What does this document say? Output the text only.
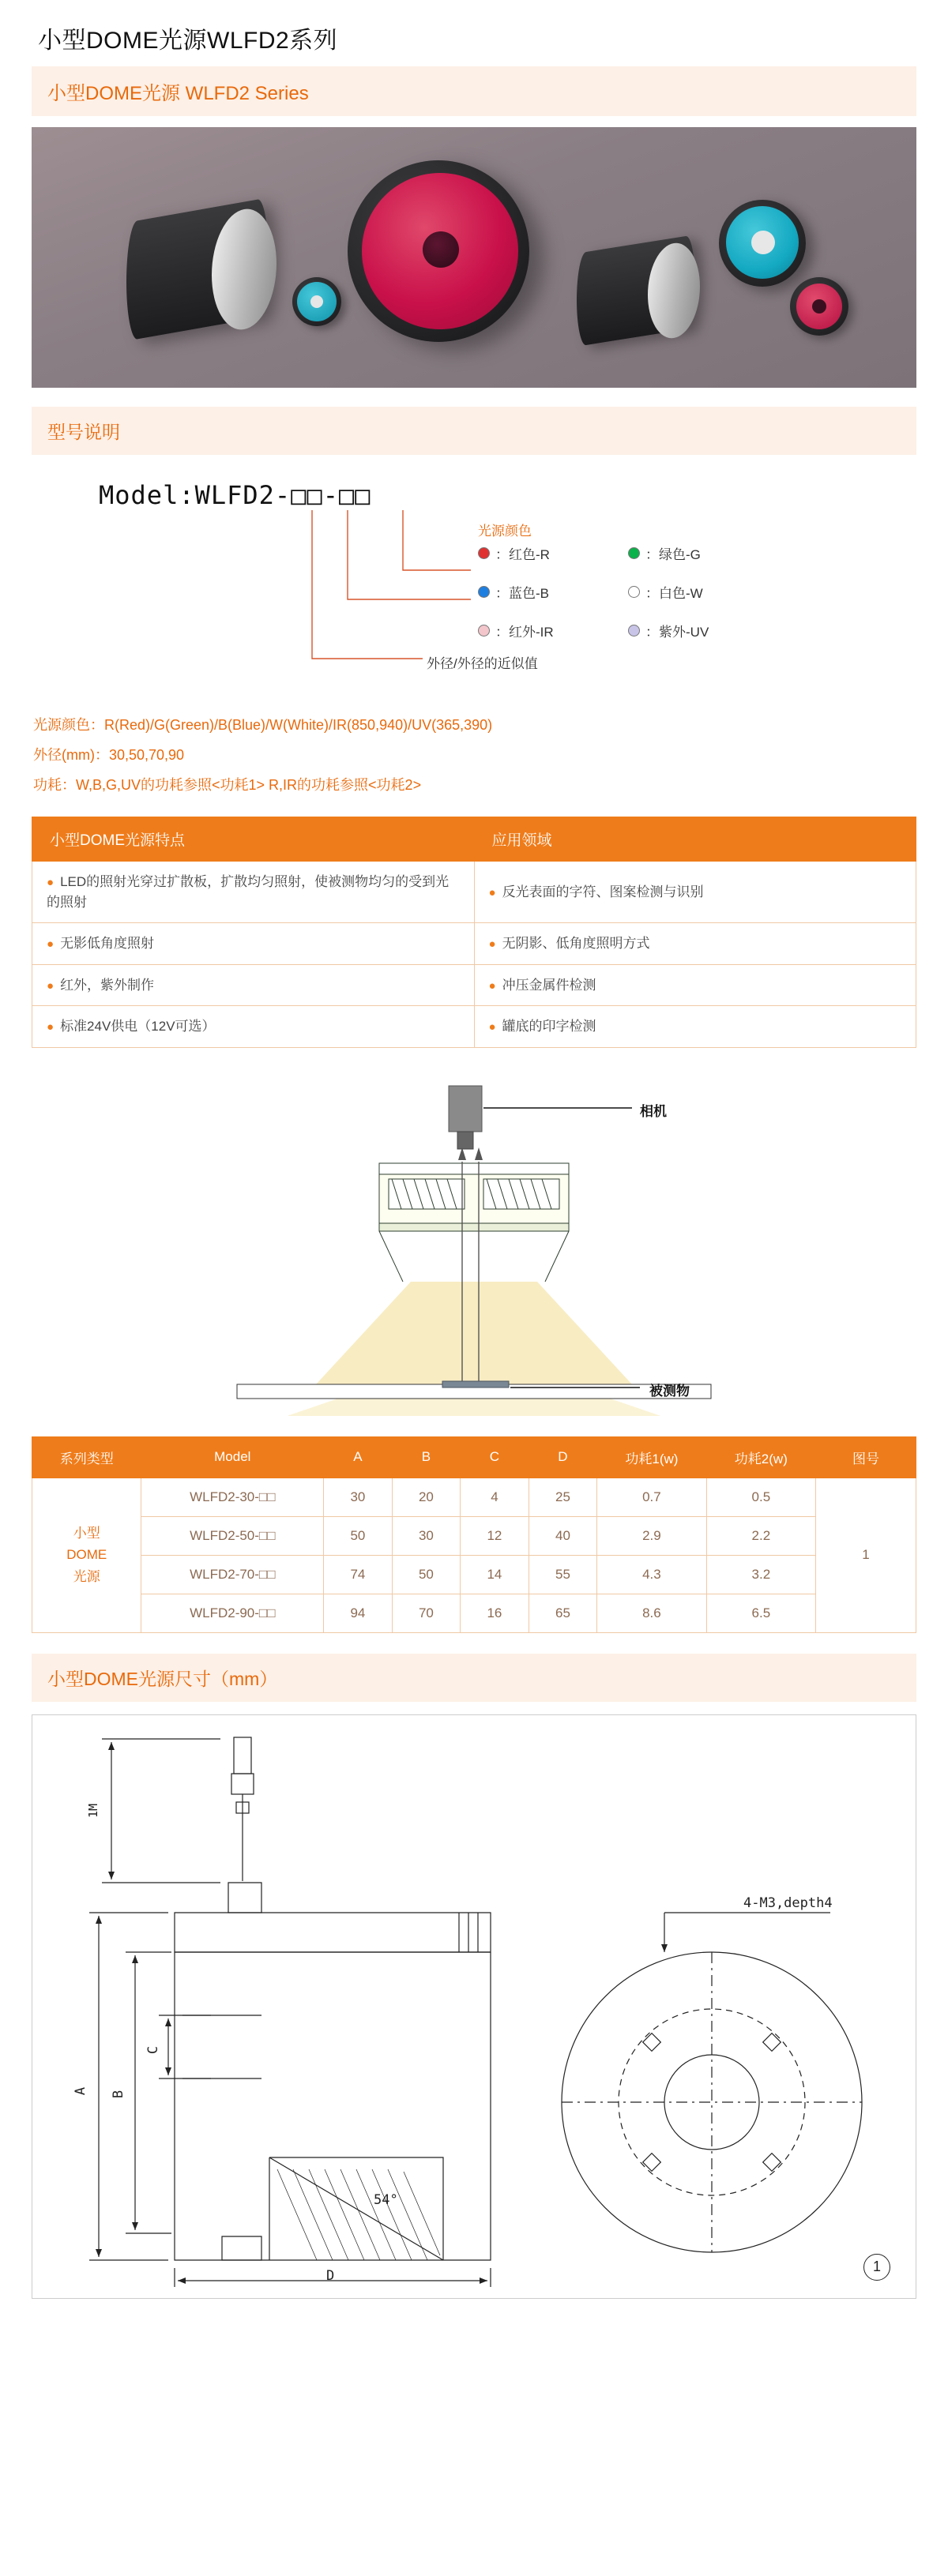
小型DOME光源WLFD2系列
小型DOME光源 WLFD2 Series
型号说明
Model:WLFD2-□□-□□
光源颜色
：红色-R	：绿色-G
：蓝色-B	：白色-W
：红外-IR	：紫外-UV
外径/外径的近似值
光源颜色：R(Red)/G(Green)/B(Blue)/W(White)/IR(850,940)/UV(365,390)
外径(mm)：30,50,70,90
功耗：W,B,G,UV的功耗参照<功耗1> R,IR的功耗参照<功耗2>
小型DOME光源特点	应用领域
● LED的照射光穿过扩散板，扩散均匀照射，使被测物均匀的受到光的照射	● 反光表面的字符、图案检测与识别
● 无影低角度照射	● 无阴影、低角度照明方式
● 红外，紫外制作	● 冲压金属件检测
● 标准24V供电（12V可选）	● 罐底的印字检测
相机
被测物
系列类型	Model	A	B	C	D	功耗1(w)	功耗2(w)	图号
小型
DOME
光源	WLFD2-30-□□	30	20	4	25	0.7	0.5	1
	WLFD2-50-□□	50	30	12	40	2.9	2.2	
	WLFD2-70-□□	74	50	14	55	4.3	3.2	
	WLFD2-90-□□	94	70	16	65	8.6	6.5	
小型DOME光源尺寸（mm）
1M
A B
C
D
54°
4-M3,depth4
1
